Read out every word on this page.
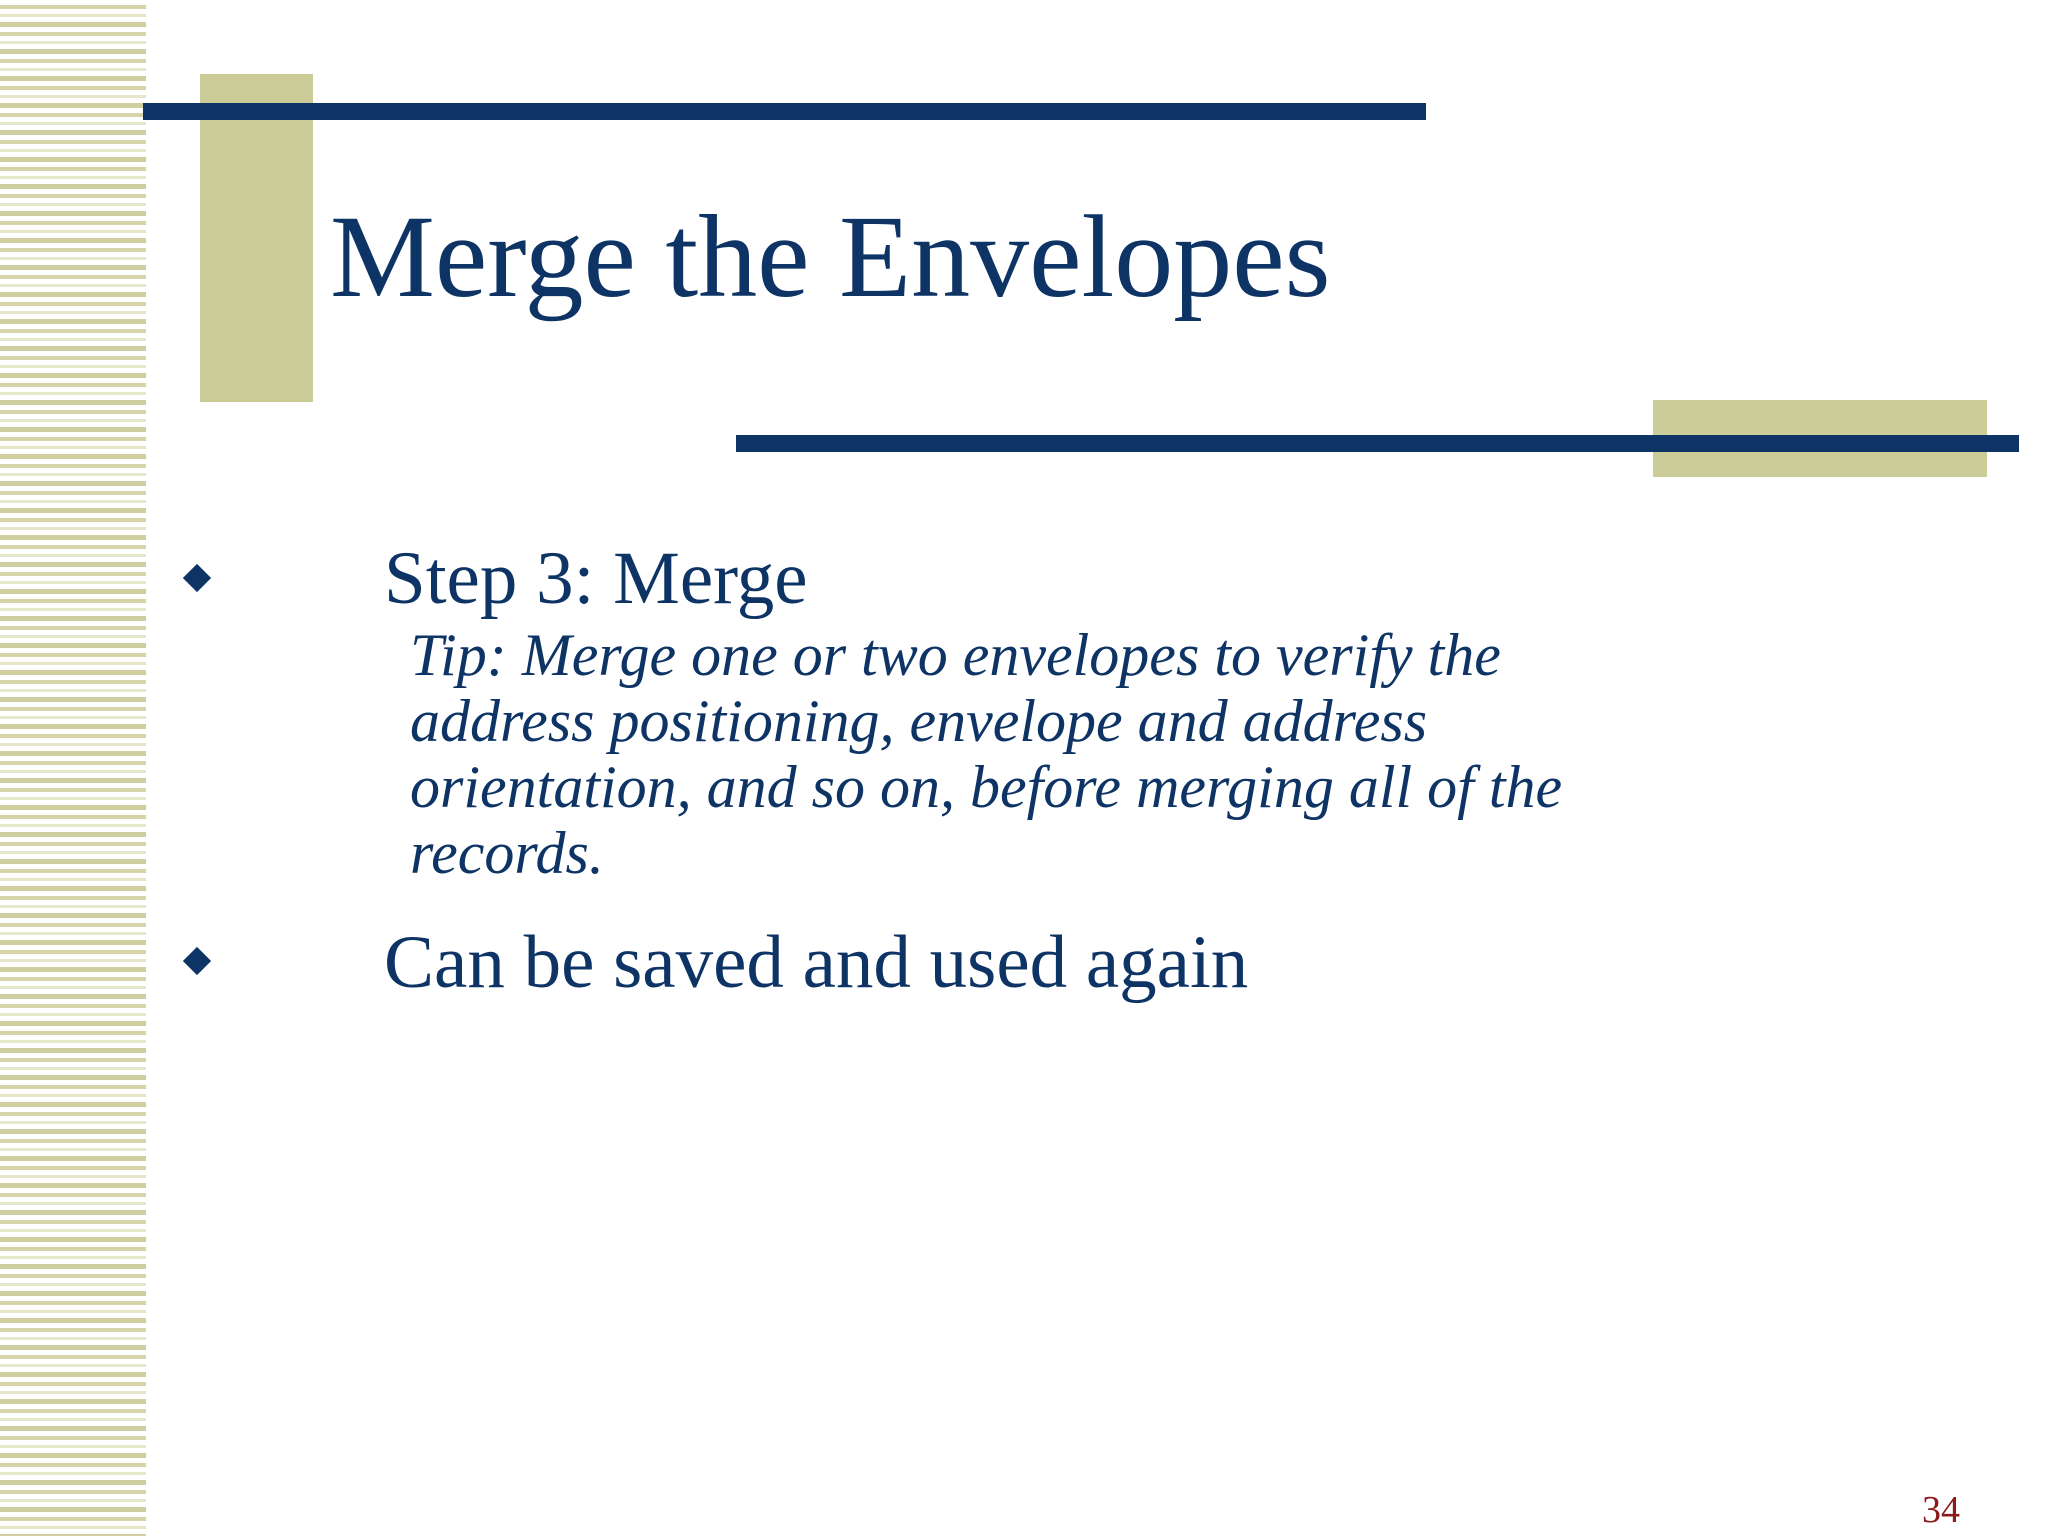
Merge the Envelopes

Step 3: Merge

Tip: Merge one or two envelopes to verify the
address positioning, envelope and address
orientation, and so on, before merging all of the
records.

Can be saved and used again

34
